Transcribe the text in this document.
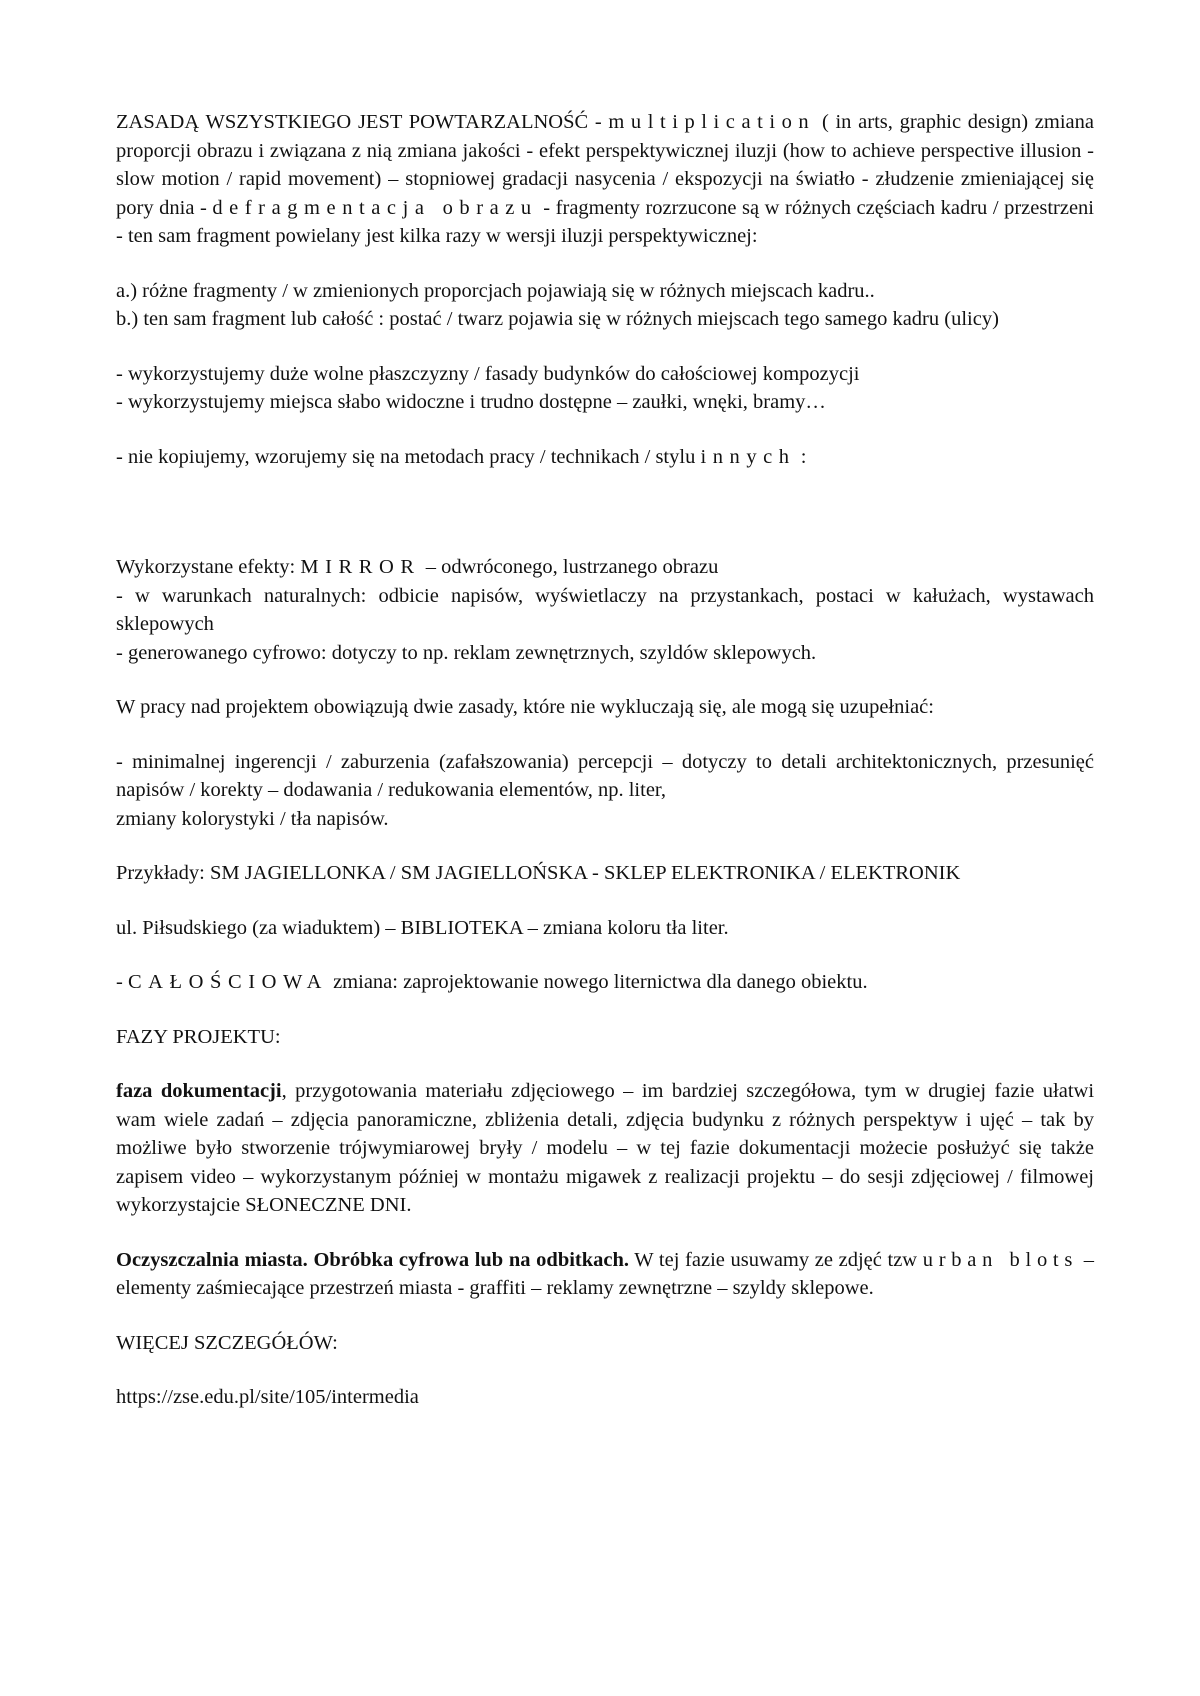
ZASADĄ WSZYSTKIEGO JEST POWTARZALNOŚĆ - multiplication ( in arts, graphic design) zmiana proporcji obrazu i związana z nią zmiana jakości - efekt perspektywicznej iluzji (how to achieve perspective illusion - slow motion / rapid movement) – stopniowej gradacji nasycenia / ekspozycji na światło - złudzenie zmieniającej się pory dnia - defragmentacja obrazu - fragmenty rozrzucone są w różnych częściach kadru / przestrzeni - ten sam fragment powielany jest kilka razy w wersji iluzji perspektywicznej:

a.) różne fragmenty / w zmienionych proporcjach pojawiają się w różnych miejscach kadru..

b.) ten sam fragment lub całość : postać / twarz pojawia się w różnych miejscach tego samego kadru (ulicy)

- wykorzystujemy duże wolne płaszczyzny / fasady budynków do całościowej kompozycji

- wykorzystujemy miejsca słabo widoczne i trudno dostępne – zaułki, wnęki, bramy…

- nie kopiujemy, wzorujemy się na metodach pracy / technikach / stylu innych :

Wykorzystane efekty: MIRROR – odwróconego, lustrzanego obrazu

- w warunkach naturalnych: odbicie napisów, wyświetlaczy na przystankach, postaci w kałużach, wystawach sklepowych

- generowanego cyfrowo: dotyczy to np. reklam zewnętrznych, szyldów sklepowych.

W pracy nad projektem obowiązują dwie zasady, które nie wykluczają się, ale mogą się uzupełniać:

- minimalnej ingerencji / zaburzenia (zafałszowania) percepcji – dotyczy to detali architektonicznych, przesunięć napisów / korekty – dodawania / redukowania elementów, np. liter,

zmiany kolorystyki / tła napisów.

Przykłady: SM JAGIELLONKA / SM JAGIELLOŃSKA - SKLEP ELEKTRONIKA / ELEKTRONIK

ul. Piłsudskiego (za wiaduktem) – BIBLIOTEKA – zmiana koloru tła liter.

- CAŁOŚCIOWA zmiana: zaprojektowanie nowego liternictwa dla danego obiektu.

FAZY PROJEKTU:

faza dokumentacji, przygotowania materiału zdjęciowego – im bardziej szczegółowa, tym w drugiej fazie ułatwi wam wiele zadań – zdjęcia panoramiczne, zbliżenia detali, zdjęcia budynku z różnych perspektyw i ujęć – tak by możliwe było stworzenie trójwymiarowej bryły / modelu – w tej fazie dokumentacji możecie posłużyć się także zapisem video – wykorzystanym później w montażu migawek z realizacji projektu – do sesji zdjęciowej / filmowej wykorzystajcie SŁONECZNE DNI.

Oczyszczalnia miasta. Obróbka cyfrowa lub na odbitkach. W tej fazie usuwamy ze zdjęć tzw urban blots – elementy zaśmiecające przestrzeń miasta - graffiti – reklamy zewnętrzne – szyldy sklepowe.

WIĘCEJ SZCZEGÓŁÓW:

https://zse.edu.pl/site/105/intermedia
